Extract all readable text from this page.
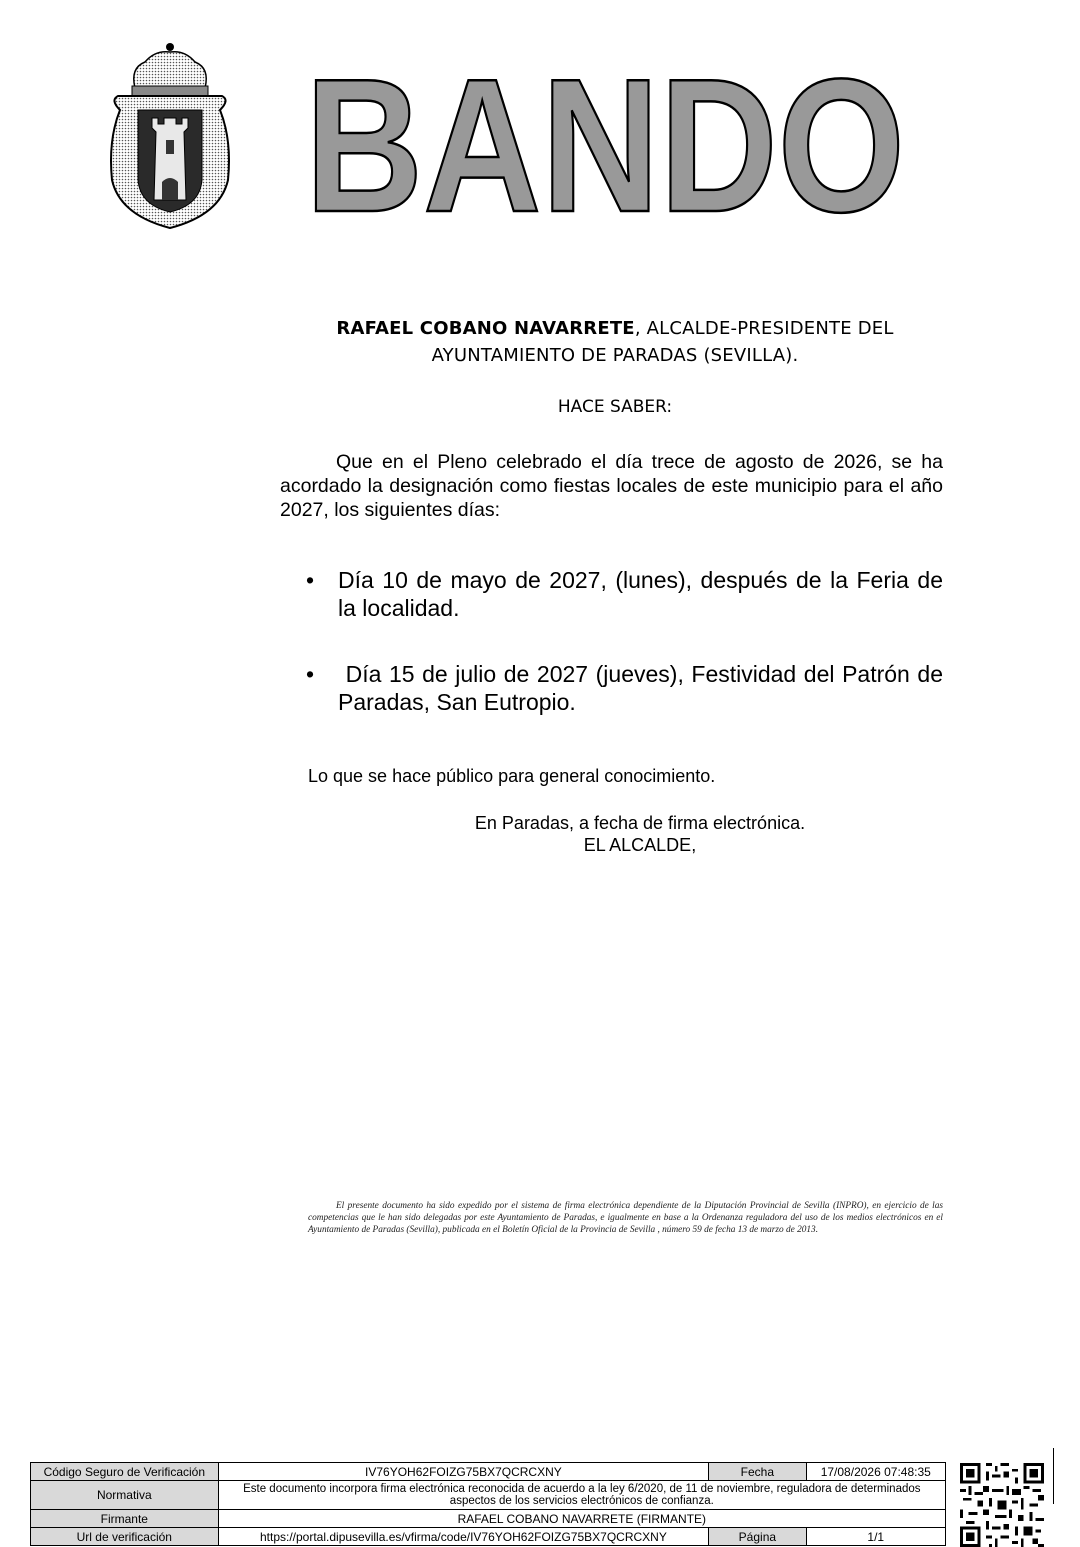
BANDO
RAFAEL COBANO NAVARRETE, ALCALDE-PRESIDENTE DEL
AYUNTAMIENTO DE PARADAS (SEVILLA).
HACE SABER:
Que en el Pleno celebrado el día trece de agosto de 2026, se ha acordado la designación como fiestas locales de este municipio para el año 2027, los siguientes días:
• Día 10 de mayo de 2027, (lunes), después de la Feria de la localidad.
• Día 15 de julio de 2027 (jueves), Festividad del Patrón de Paradas, San Eutropio.
Lo que se hace público para general conocimiento.
En Paradas, a fecha de firma electrónica.
EL ALCALDE,
El presente documento ha sido expedido por el sistema de firma electrónica dependiente de la Diputación Provincial de Sevilla (INPRO), en ejercicio de las competencias que le han sido delegadas por este Ayuntamiento de Paradas, e igualmente en base a la Ordenanza reguladora del uso de los medios electrónicos en el Ayuntamiento de Paradas (Sevilla), publicada en el Boletín Oficial de la Provincia de Sevilla , número 59 de fecha 13 de marzo de 2013.
Código Seguro de Verificación	IV76YOH62FOIZG75BX7QCRCXNY	Fecha	17/08/2026 07:48:35
Normativa	Este documento incorpora firma electrónica reconocida de acuerdo a la ley 6/2020, de 11 de noviembre, reguladora de determinados aspectos de los servicios electrónicos de confianza.		
Firmante	RAFAEL COBANO NAVARRETE (FIRMANTE)		
Url de verificación	https://portal.dipusevilla.es/vfirma/code/IV76YOH62FOIZG75BX7QCRCXNY	Página	1/1
